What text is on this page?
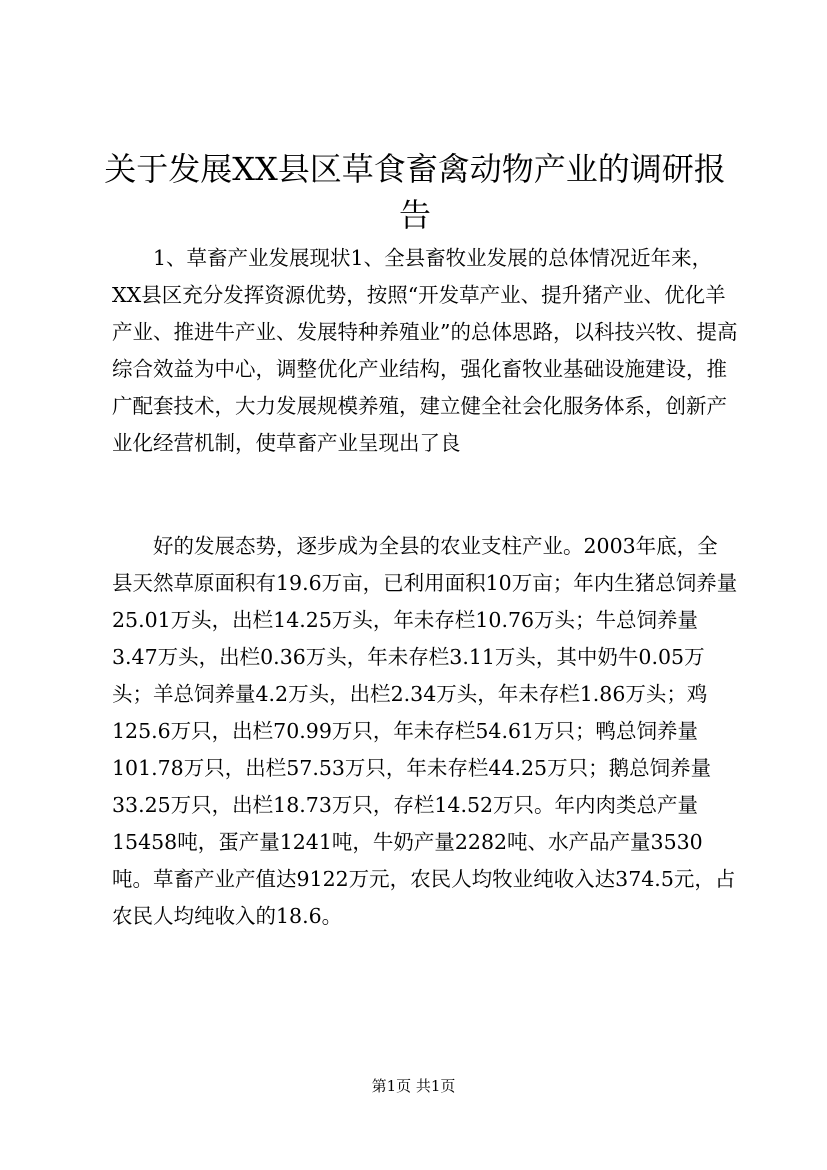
关于发展XX县区草食畜禽动物产业的调研报告

1、草畜产业发展现状1、全县畜牧业发展的总体情况近年来，XX县区充分发挥资源优势，按照“开发草产业、提升猪产业、优化羊产业、推进牛产业、发展特种养殖业”的总体思路，以科技兴牧、提高综合效益为中心，调整优化产业结构，强化畜牧业基础设施建设，推广配套技术，大力发展规模养殖，建立健全社会化服务体系，创新产业化经营机制，使草畜产业呈现出了良

好的发展态势，逐步成为全县的农业支柱产业。2003年底，全县天然草原面积有19.6万亩，已利用面积10万亩；年内生猪总饲养量25.01万头，出栏14.25万头，年未存栏10.76万头；牛总饲养量3.47万头，出栏0.36万头，年未存栏3.11万头，其中奶牛0.05万头；羊总饲养量4.2万头，出栏2.34万头，年未存栏1.86万头；鸡125.6万只，出栏70.99万只，年未存栏54.61万只；鸭总饲养量101.78万只，出栏57.53万只，年未存栏44.25万只；鹅总饲养量33.25万只，出栏18.73万只，存栏14.52万只。年内肉类总产量15458吨，蛋产量1241吨，牛奶产量2282吨、水产品产量3530吨。草畜产业产值达9122万元，农民人均牧业纯收入达374.5元，占农民人均纯收入的18.6。

第1页 共1页
